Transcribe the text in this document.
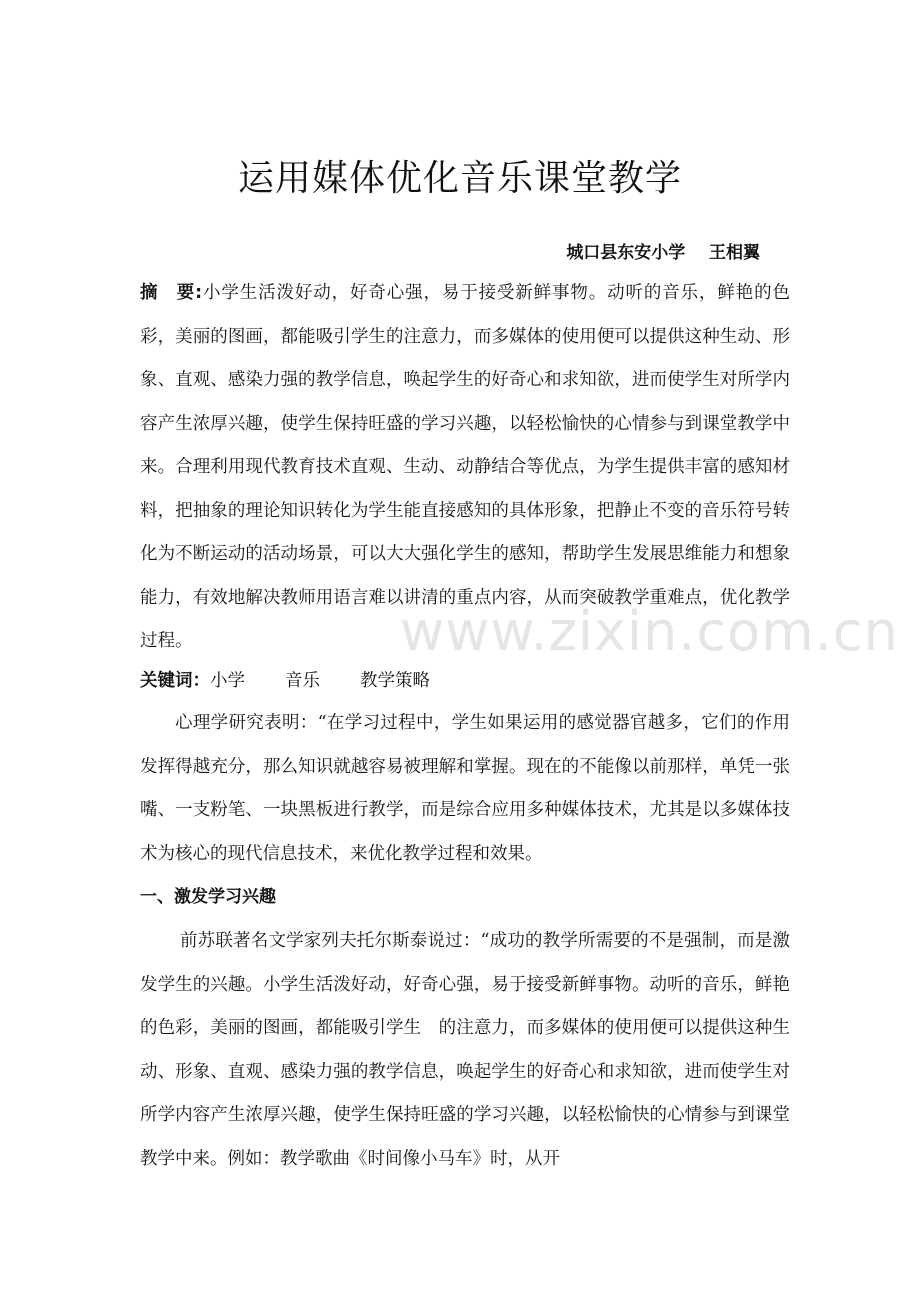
运用媒体优化音乐课堂教学
城口县东安小学    王相翼
摘　要:小学生活泼好动，好奇心强，易于接受新鲜事物。动听的音乐，鲜艳的色彩，美丽的图画，都能吸引学生的注意力，而多媒体的使用便可以提供这种生动、形象、直观、感染力强的教学信息，唤起学生的好奇心和求知欲，进而使学生对所学内容产生浓厚兴趣，使学生保持旺盛的学习兴趣，以轻松愉快的心情参与到课堂教学中来。合理利用现代教育技术直观、生动、动静结合等优点，为学生提供丰富的感知材料，把抽象的理论知识转化为学生能直接感知的具体形象，把静止不变的音乐符号转化为不断运动的活动场景，可以大大强化学生的感知，帮助学生发展思维能力和想象能力，有效地解决教师用语言难以讲清的重点内容，从而突破教学重难点，优化教学过程。
关键词：小学 音乐 教学策略
心理学研究表明：“在学习过程中，学生如果运用的感觉器官越多，它们的作用发挥得越充分，那么知识就越容易被理解和掌握。现在的不能像以前那样，单凭一张嘴、一支粉笔、一块黑板进行教学，而是综合应用多种媒体技术，尤其是以多媒体技术为核心的现代信息技术，来优化教学过程和效果。
一、激发学习兴趣
前苏联著名文学家列夫托尔斯泰说过：“成功的教学所需要的不是强制，而是激发学生的兴趣。小学生活泼好动，好奇心强，易于接受新鲜事物。动听的音乐，鲜艳的色彩，美丽的图画，都能吸引学生　的注意力，而多媒体的使用便可以提供这种生动、形象、直观、感染力强的教学信息，唤起学生的好奇心和求知欲，进而使学生对所学内容产生浓厚兴趣，使学生保持旺盛的学习兴趣，以轻松愉快的心情参与到课堂教学中来。例如：教学歌曲《时间像小马车》时，从开
www.zixin.com.cn
